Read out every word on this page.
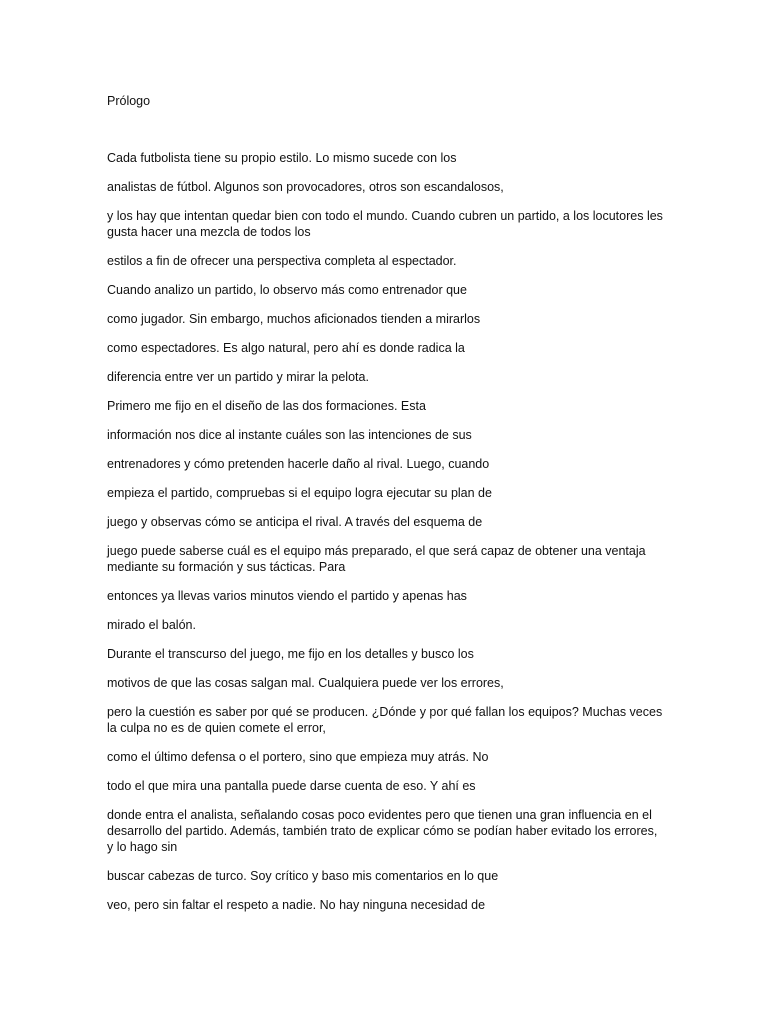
Prólogo

Cada futbolista tiene su propio estilo. Lo mismo sucede con los

analistas de fútbol. Algunos son provocadores, otros son escandalosos,

y los hay que intentan quedar bien con todo el mundo. Cuando cubren un partido, a los locutores les gusta hacer una mezcla de todos los

estilos a fin de ofrecer una perspectiva completa al espectador.

Cuando analizo un partido, lo observo más como entrenador que

como jugador. Sin embargo, muchos aficionados tienden a mirarlos

como espectadores. Es algo natural, pero ahí es donde radica la

diferencia entre ver un partido y mirar la pelota.

Primero me fijo en el diseño de las dos formaciones. Esta

información nos dice al instante cuáles son las intenciones de sus

entrenadores y cómo pretenden hacerle daño al rival. Luego, cuando

empieza el partido, compruebas si el equipo logra ejecutar su plan de

juego y observas cómo se anticipa el rival. A través del esquema de

juego puede saberse cuál es el equipo más preparado, el que será capaz de obtener una ventaja mediante su formación y sus tácticas. Para

entonces ya llevas varios minutos viendo el partido y apenas has

mirado el balón.

Durante el transcurso del juego, me fijo en los detalles y busco los

motivos de que las cosas salgan mal. Cualquiera puede ver los errores,

pero la cuestión es saber por qué se producen. ¿Dónde y por qué fallan los equipos? Muchas veces la culpa no es de quien comete el error,

como el último defensa o el portero, sino que empieza muy atrás. No

todo el que mira una pantalla puede darse cuenta de eso. Y ahí es

donde entra el analista, señalando cosas poco evidentes pero que tienen una gran influencia en el desarrollo del partido. Además, también trato de explicar cómo se podían haber evitado los errores, y lo hago sin

buscar cabezas de turco. Soy crítico y baso mis comentarios en lo que

veo, pero sin faltar el respeto a nadie. No hay ninguna necesidad de
